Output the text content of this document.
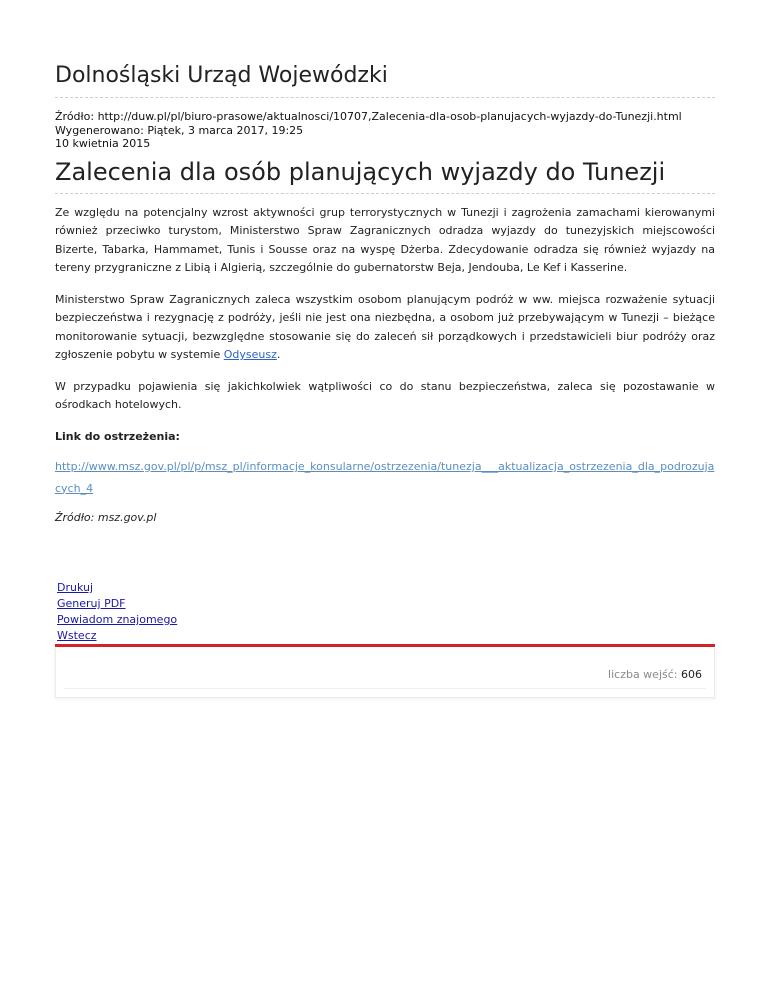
Dolnośląski Urząd Wojewódzki
Źródło: http://duw.pl/pl/biuro-prasowe/aktualnosci/10707,Zalecenia-dla-osob-planujacych-wyjazdy-do-Tunezji.html
Wygenerowano: Piątek, 3 marca 2017, 19:25
10 kwietnia 2015
Zalecenia dla osób planujących wyjazdy do Tunezji

Ze względu na potencjalny wzrost aktywności grup terrorystycznych w Tunezji i zagrożenia zamachami kierowanymi również przeciwko turystom, Ministerstwo Spraw Zagranicznych odradza wyjazdy do tunezyjskich miejscowości Bizerte, Tabarka, Hammamet, Tunis i Sousse oraz na wyspę Dżerba. Zdecydowanie odradza się również wyjazdy na tereny przygraniczne z Libią i Algierią, szczególnie do gubernatorstw Beja, Jendouba, Le Kef i Kasserine.

Ministerstwo Spraw Zagranicznych zaleca wszystkim osobom planującym podróż w ww. miejsca rozważenie sytuacji bezpieczeństwa i rezygnację z podróży, jeśli nie jest ona niezbędna, a osobom już przebywającym w Tunezji – bieżące monitorowanie sytuacji, bezwzględne stosowanie się do zaleceń sił porządkowych i przedstawicieli biur podróży oraz zgłoszenie pobytu w systemie Odyseusz.

W przypadku pojawienia się jakichkolwiek wątpliwości co do stanu bezpieczeństwa, zaleca się pozostawanie w ośrodkach hotelowych.

Link do ostrzeżenia:
http://www.msz.gov.pl/pl/p/msz_pl/informacje_konsularne/ostrzezenia/tunezja___aktualizacja_ostrzezenia_dla_podrozujacych_4
Źródło: msz.gov.pl
Drukuj
Generuj PDF
Powiadom znajomego
Wstecz
liczba wejść: 606
